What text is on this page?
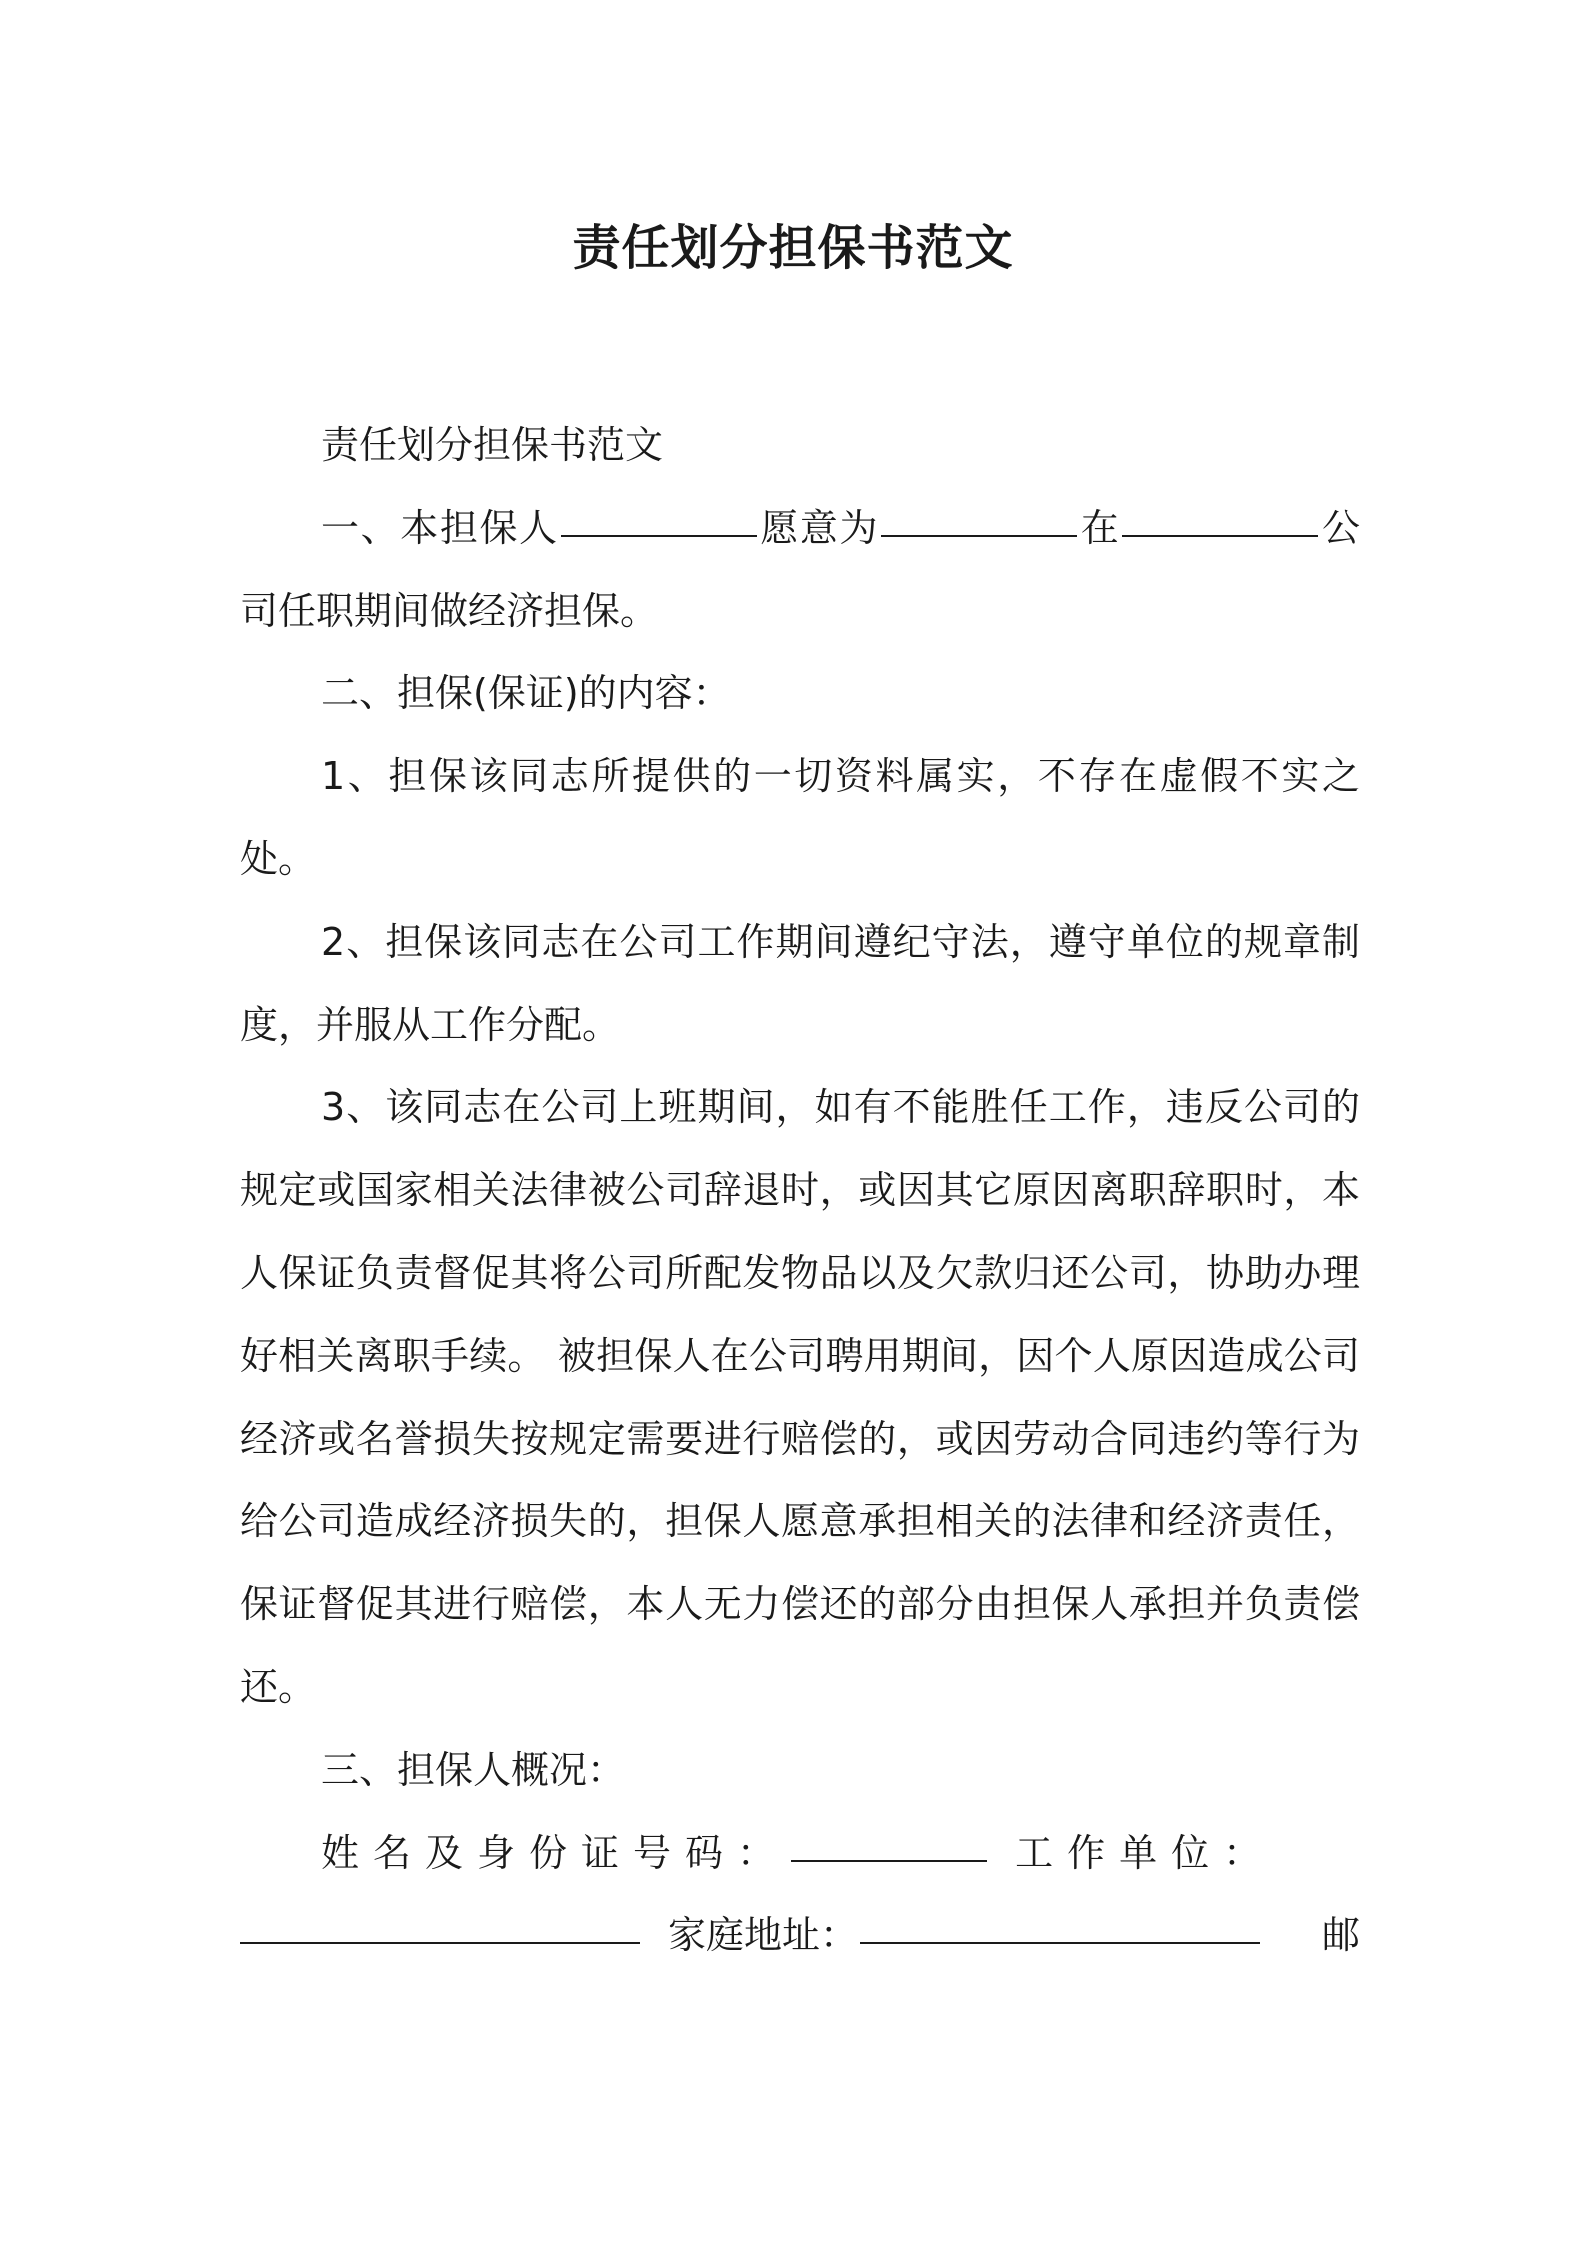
责任划分担保书范文

责任划分担保书范文

一、本担保人	愿意为	在	公司任职期间做经济担保。

二、担保(保证)的内容：

1、担保该同志所提供的一切资料属实，不存在虚假不实之处。

2、担保该同志在公司工作期间遵纪守法，遵守单位的规章制度，并服从工作分配。

3、该同志在公司上班期间，如有不能胜任工作，违反公司的规定或国家相关法律被公司辞退时，或因其它原因离职辞职时，本人保证负责督促其将公司所配发物品以及欠款归还公司，协助办理好相关离职手续。 被担保人在公司聘用期间，因个人原因造成公司经济或名誉损失按规定需要进行赔偿的，或因劳动合同违约等行为给公司造成经济损失的，担保人愿意承担相关的法律和经济责任，保证督促其进行赔偿，本人无力偿还的部分由担保人承担并负责偿还。

三、担保人概况：

姓名及身份证号码：	工作单位：

家庭地址：	邮
